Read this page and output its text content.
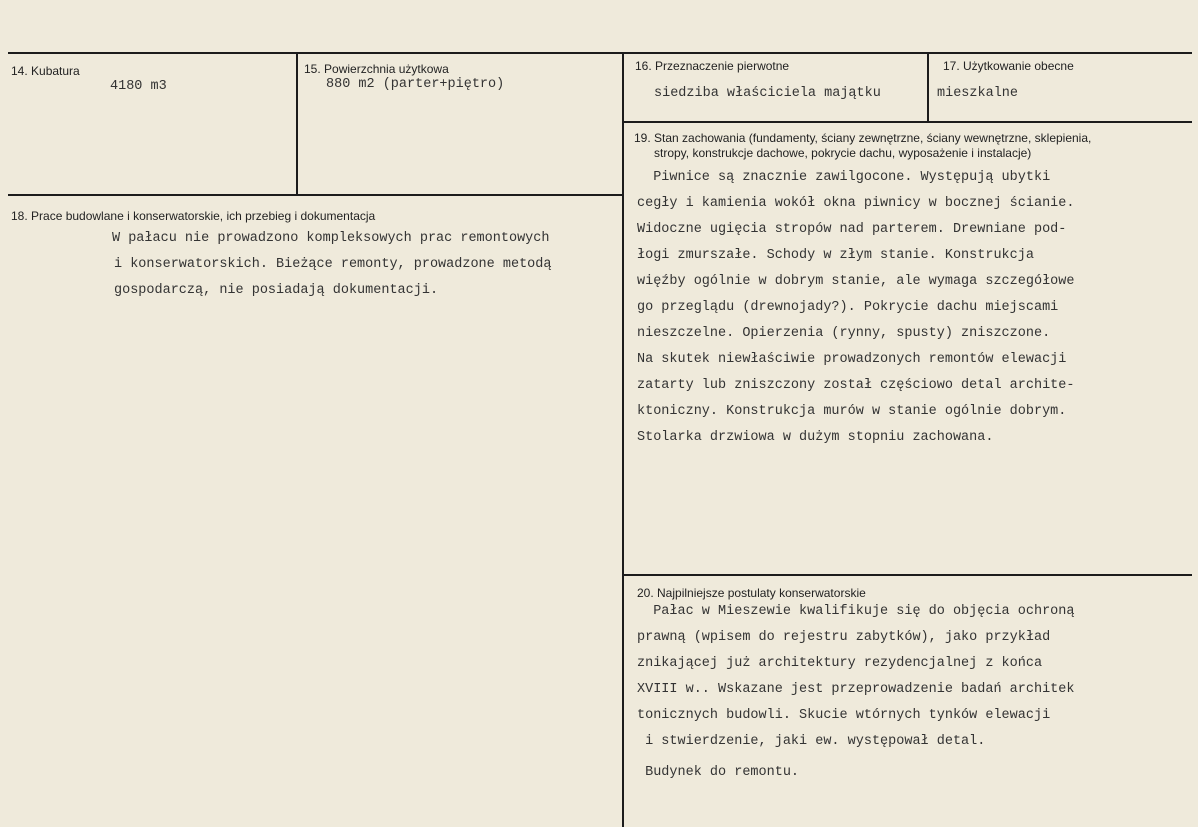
14. Kubatura
4180 m3
15. Powierzchnia użytkowa
880 m2 (parter+piętro)
16. Przeznaczenie pierwotne
siedziba właściciela majątku
17. Użytkowanie obecne
mieszkalne
18. Prace budowlane i konserwatorskie, ich przebieg i dokumentacja
W pałacu nie prowadzono kompleksowych prac remontowych
i konserwatorskich. Bieżące remonty, prowadzone metodą
gospodarczą, nie posiadają dokumentacji.
19. Stan zachowania (fundamenty, ściany zewnętrzne, ściany wewnętrzne, sklepienia,
stropy, konstrukcje dachowe, pokrycie dachu, wyposażenie i instalacje)
Piwnice są znacznie zawilgocone. Występują ubytki
cegły i kamienia wokół okna piwnicy w bocznej ścianie.
Widoczne ugięcia stropów nad parterem. Drewniane pod-
łogi zmurszałe. Schody w złym stanie. Konstrukcja
więźby ogólnie w dobrym stanie, ale wymaga szczegółowe
go przeglądu (drewnojady?). Pokrycie dachu miejscami
nieszczelne. Opierzenia (rynny, spusty) zniszczone.
Na skutek niewłaściwie prowadzonych remontów elewacji
zatarty lub zniszczony został częściowo detal archite-
ktoniczny. Konstrukcja murów w stanie ogólnie dobrym.
Stolarka drzwiowa w dużym stopniu zachowana.
20. Najpilniejsze postulaty konserwatorskie
Pałac w Mieszewie kwalifikuje się do objęcia ochroną
prawną (wpisem do rejestru zabytków), jako przykład
znikającej już architektury rezydencjalnej z końca
XVIII w.. Wskazane jest przeprowadzenie badań architek
tonicznych budowli. Skucie wtórnych tynków elewacji
i stwierdzenie, jaki ew. występował detal.
Budynek do remontu.
